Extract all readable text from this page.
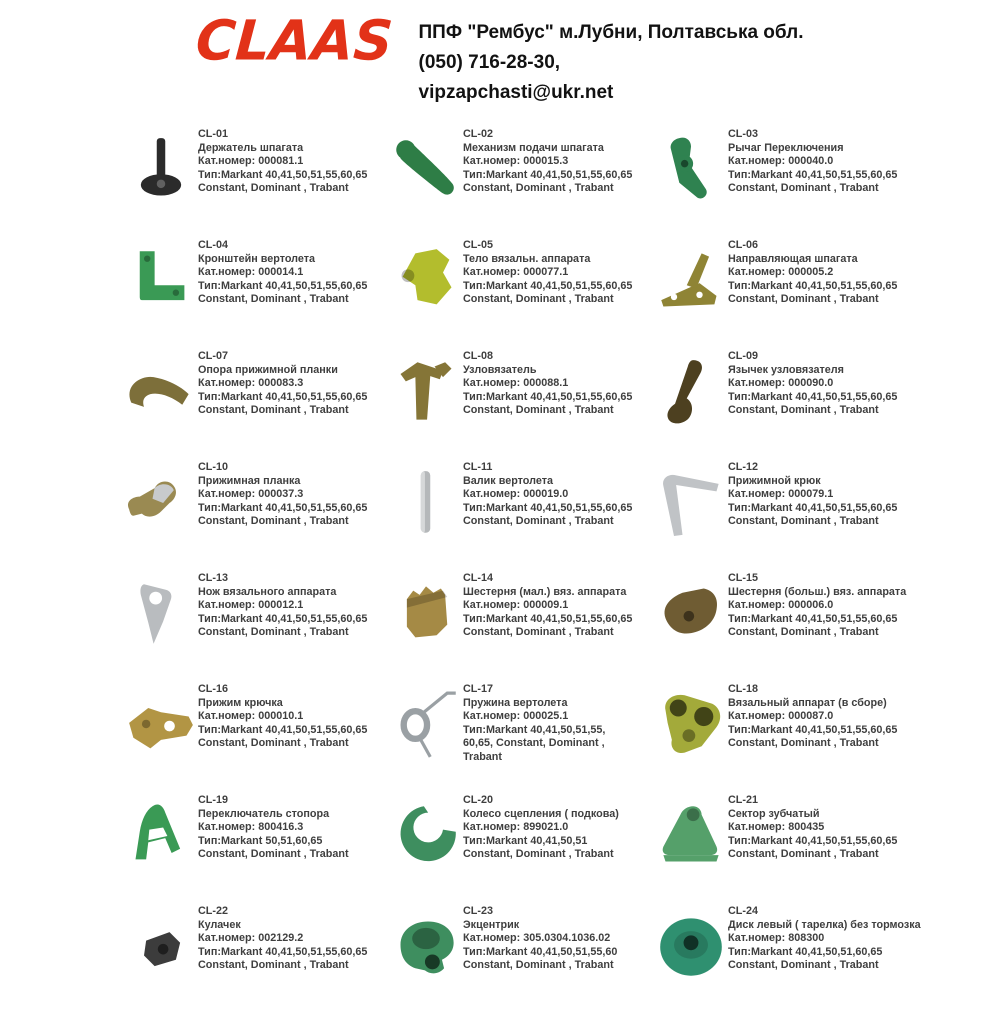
CLAAS ППФ "Рембус" м.Лубни, Полтавська обл.
(050) 716-28-30,
vipzapchasti@ukr.net
CL-01
Держатель шпагата
Кат.номер: 000081.1
Тип:Markant 40,41,50,51,55,60,65
Constant, Dominant , Trabant
CL-02
Механизм подачи шпагата
Кат.номер: 000015.3
Тип:Markant 40,41,50,51,55,60,65
Constant, Dominant , Trabant
CL-03
Рычаг Переключения
Кат.номер: 000040.0
Тип:Markant 40,41,50,51,55,60,65
Constant, Dominant , Trabant
CL-04
Кронштейн вертолета
Кат.номер: 000014.1
Тип:Markant 40,41,50,51,55,60,65
Constant, Dominant , Trabant
CL-05
Тело вязальн. аппарата
Кат.номер: 000077.1
Тип:Markant 40,41,50,51,55,60,65
Constant, Dominant , Trabant
CL-06
Направляющая шпагата
Кат.номер: 000005.2
Тип:Markant 40,41,50,51,55,60,65
Constant, Dominant , Trabant
CL-07
Опора прижимной планки
Кат.номер: 000083.3
Тип:Markant 40,41,50,51,55,60,65
Constant, Dominant , Trabant
CL-08
Узловязатель
Кат.номер: 000088.1
Тип:Markant 40,41,50,51,55,60,65
Constant, Dominant , Trabant
CL-09
Язычек узловязателя
Кат.номер: 000090.0
Тип:Markant 40,41,50,51,55,60,65
Constant, Dominant , Trabant
CL-10
Прижимная планка
Кат.номер: 000037.3
Тип:Markant 40,41,50,51,55,60,65
Constant, Dominant , Trabant
CL-11
Валик вертолета
Кат.номер: 000019.0
Тип:Markant 40,41,50,51,55,60,65
Constant, Dominant , Trabant
CL-12
Прижимной крюк
Кат.номер: 000079.1
Тип:Markant 40,41,50,51,55,60,65
Constant, Dominant , Trabant
CL-13
Нож вязального аппарата
Кат.номер: 000012.1
Тип:Markant 40,41,50,51,55,60,65
Constant, Dominant , Trabant
CL-14
Шестерня (мал.) вяз. аппарата
Кат.номер: 000009.1
Тип:Markant 40,41,50,51,55,60,65
Constant, Dominant , Trabant
CL-15
Шестерня (больш.) вяз. аппарата
Кат.номер: 000006.0
Тип:Markant 40,41,50,51,55,60,65
Constant, Dominant , Trabant
CL-16
Прижим крючка
Кат.номер: 000010.1
Тип:Markant 40,41,50,51,55,60,65
Constant, Dominant , Trabant
CL-17
Пружина вертолета
Кат.номер: 000025.1
Тип:Markant 40,41,50,51,55,
60,65, Constant, Dominant ,
Trabant
CL-18
Вязальный аппарат (в сборе)
Кат.номер: 000087.0
Тип:Markant 40,41,50,51,55,60,65
Constant, Dominant , Trabant
CL-19
Переключатель стопора
Кат.номер: 800416.3
Тип:Markant 50,51,60,65
Constant, Dominant , Trabant
CL-20
Колесо сцепления ( подкова)
Кат.номер: 899021.0
Тип:Markant 40,41,50,51
Constant, Dominant , Trabant
CL-21
Сектор зубчатый
Кат.номер: 800435
Тип:Markant 40,41,50,51,55,60,65
Constant, Dominant , Trabant
CL-22
Кулачек
Кат.номер: 002129.2
Тип:Markant 40,41,50,51,55,60,65
Constant, Dominant , Trabant
CL-23
Экцентрик
Кат.номер: 305.0304.1036.02
Тип:Markant 40,41,50,51,55,60
Constant, Dominant , Trabant
CL-24
Диск левый ( тарелка) без тормозка
Кат.номер: 808300
Тип:Markant 40,41,50,51,60,65
Constant, Dominant , Trabant
